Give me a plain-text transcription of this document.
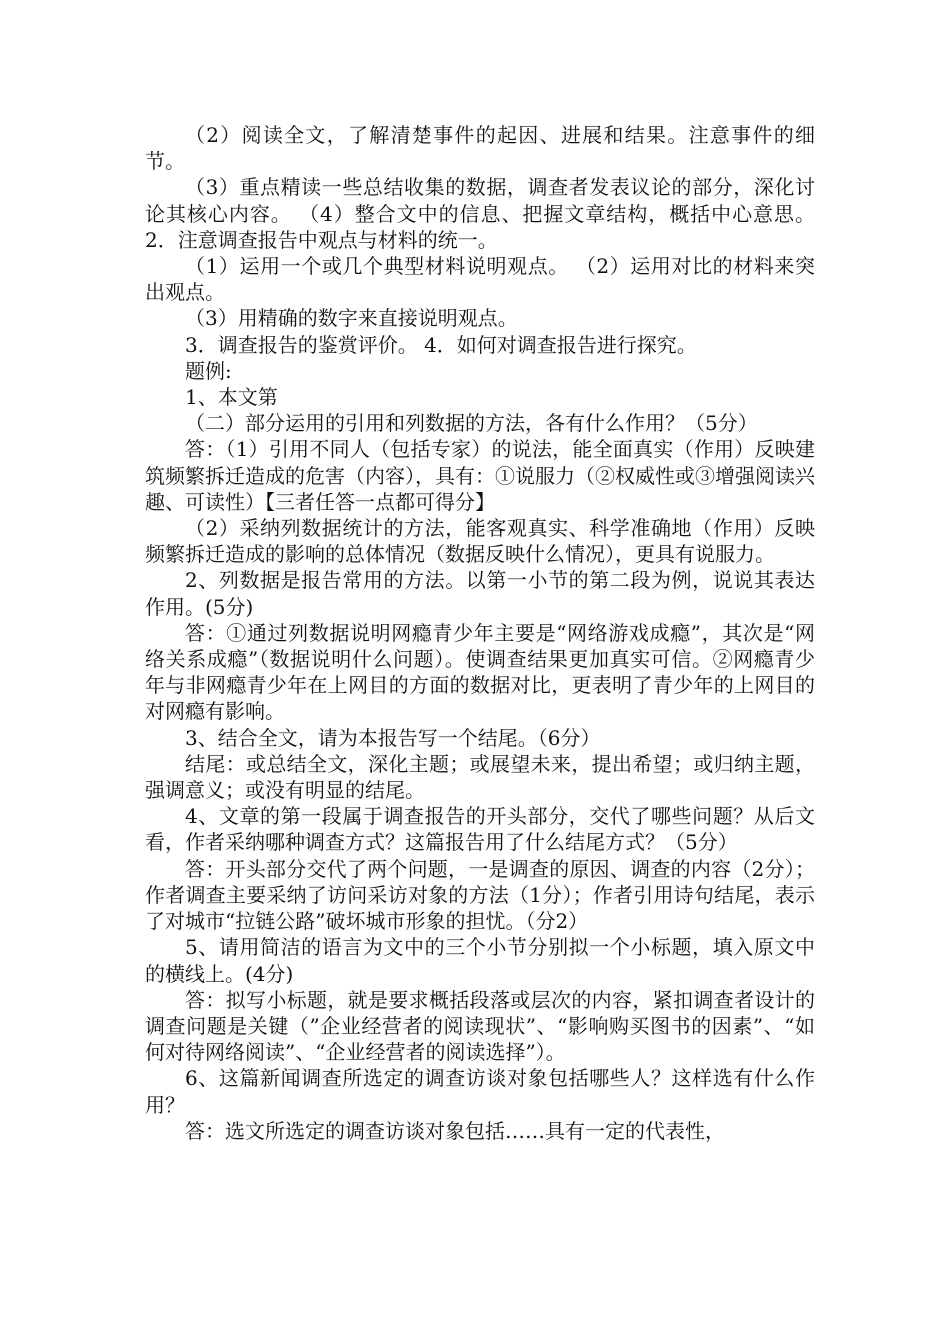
（2）阅读全文，了解清楚事件的起因、进展和结果。注意事件的细节。

（3）重点精读一些总结收集的数据，调查者发表议论的部分，深化讨论其核心内容。 （4）整合文中的信息、把握文章结构，概括中心意思。 2．注意调查报告中观点与材料的统一。

（1）运用一个或几个典型材料说明观点。 （2）运用对比的材料来突出观点。

（3）用精确的数字来直接说明观点。

3．调查报告的鉴赏评价。 4．如何对调查报告进行探究。

题例:

1、本文第

（二）部分运用的引用和列数据的方法，各有什么作用？（5分）

答：（1）引用不同人（包括专家）的说法，能全面真实（作用）反映建筑频繁拆迁造成的危害（内容），具有：①说服力（②权威性或③增强阅读兴趣、可读性）【三者任答一点都可得分】

（2）采纳列数据统计的方法，能客观真实、科学准确地（作用）反映频繁拆迁造成的影响的总体情况（数据反映什么情况），更具有说服力。

2、列数据是报告常用的方法。以第一小节的第二段为例，说说其表达作用。(5分)

答：①通过列数据说明网瘾青少年主要是“网络游戏成瘾”，其次是“网络关系成瘾”（数据说明什么问题）。使调查结果更加真实可信。②网瘾青少年与非网瘾青少年在上网目的方面的数据对比，更表明了青少年的上网目的对网瘾有影响。

3、结合全文，请为本报告写一个结尾。（6分）

结尾：或总结全文，深化主题；或展望未来，提出希望；或归纳主题，强调意义；或没有明显的结尾。

4、文章的第一段属于调查报告的开头部分，交代了哪些问题？从后文看，作者采纳哪种调查方式？这篇报告用了什么结尾方式？（5分）

答：开头部分交代了两个问题，一是调查的原因、调查的内容（2分）；作者调查主要采纳了访问采访对象的方法（1分）；作者引用诗句结尾，表示了对城市“拉链公路”破坏城市形象的担忧。（分2）

5、请用简洁的语言为文中的三个小节分别拟一个小标题，填入原文中的横线上。(4分)

答：拟写小标题，就是要求概括段落或层次的内容，紧扣调查者设计的调查问题是关键（”企业经营者的阅读现状”、“影响购买图书的因素”、“如何对待网络阅读”、“企业经营者的阅读选择”）。

6、这篇新闻调查所选定的调查访谈对象包括哪些人？这样选有什么作用？

答：选文所选定的调查访谈对象包括……具有一定的代表性，
